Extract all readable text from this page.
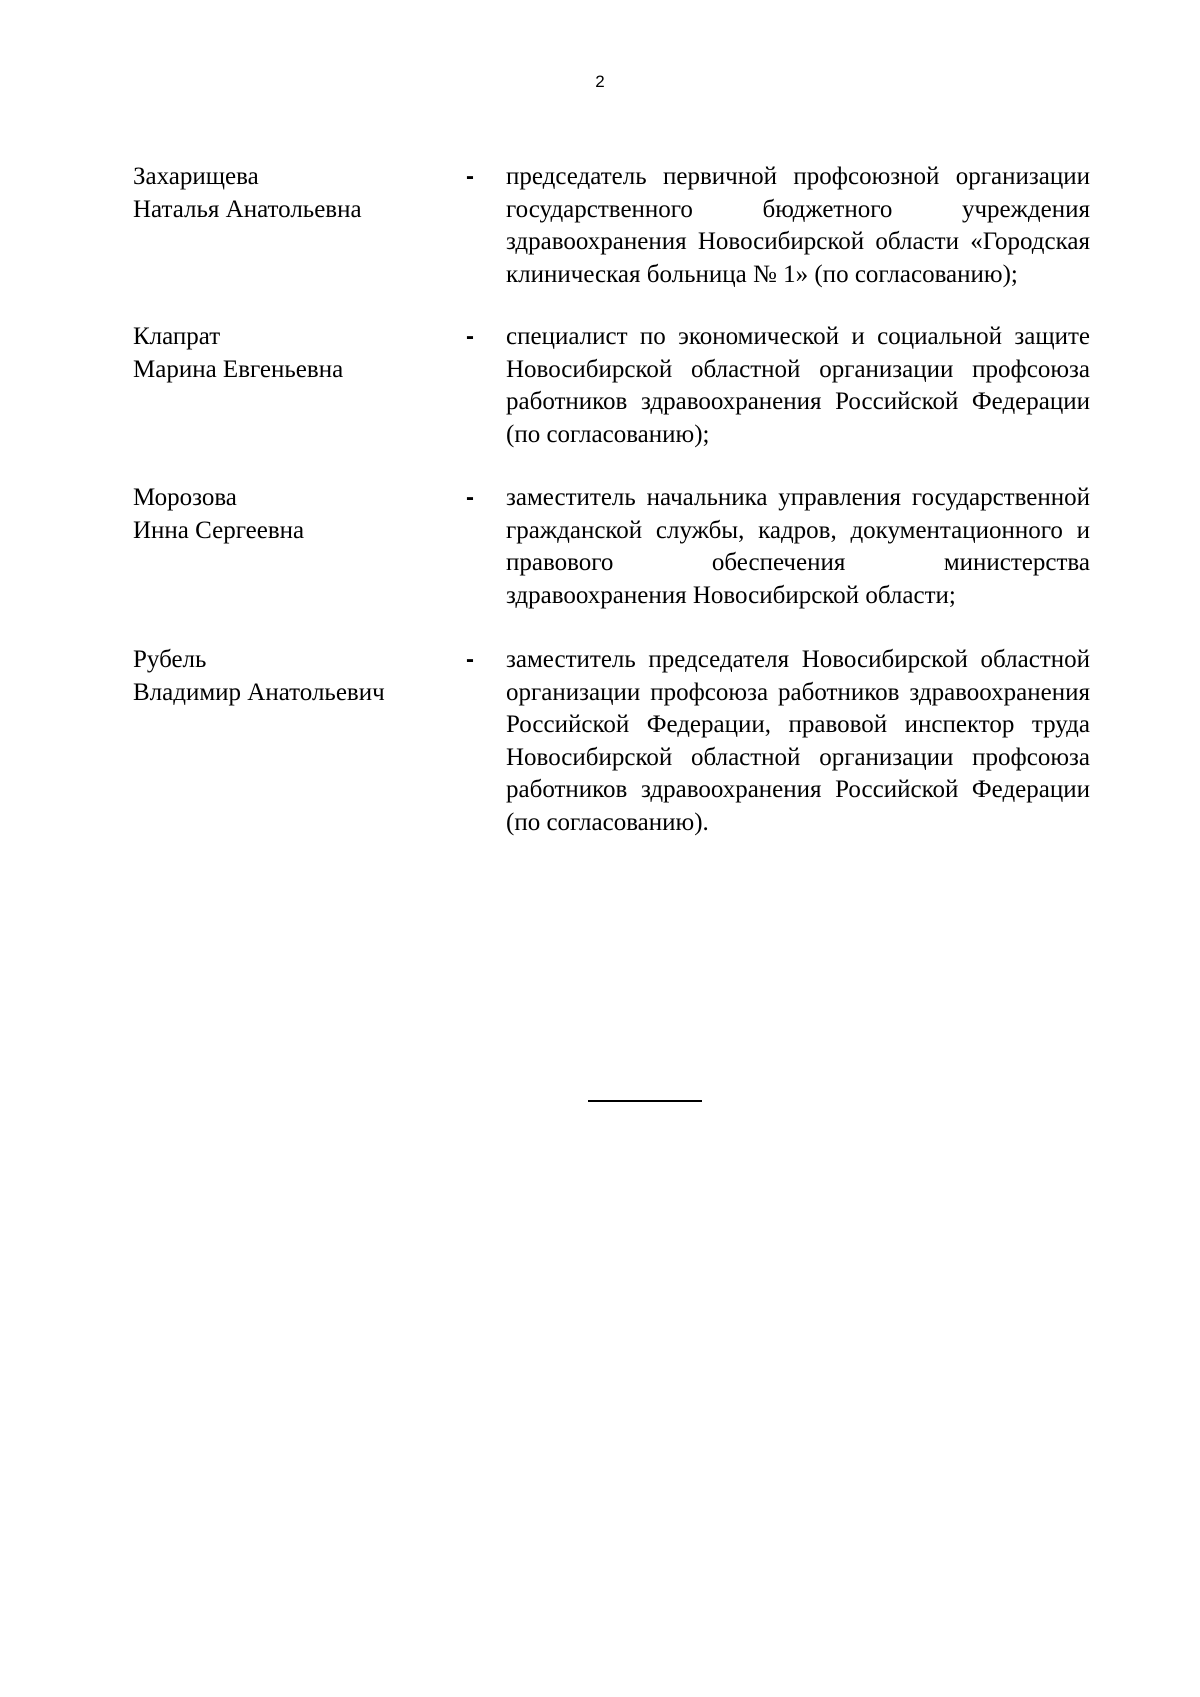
2
Захарищева
Наталья Анатольевна
- председатель первичной профсоюзной организации государственного бюджетного учреждения здравоохранения Новосибирской области «Городская клиническая больница № 1» (по согласованию);
Клапрат
Марина Евгеньевна
- специалист по экономической и социальной защите Новосибирской областной организации профсоюза работников здравоохранения Российской Федерации (по согласованию);
Морозова
Инна Сергеевна
- заместитель начальника управления государственной гражданской службы, кадров, документационного и правового обеспечения министерства здравоохранения Новосибирской области;
Рубель
Владимир Анатольевич
- заместитель председателя Новосибирской областной организации профсоюза работников здравоохранения Российской Федерации, правовой инспектор труда Новосибирской областной организации профсоюза работников здравоохранения Российской Федерации (по согласованию).
